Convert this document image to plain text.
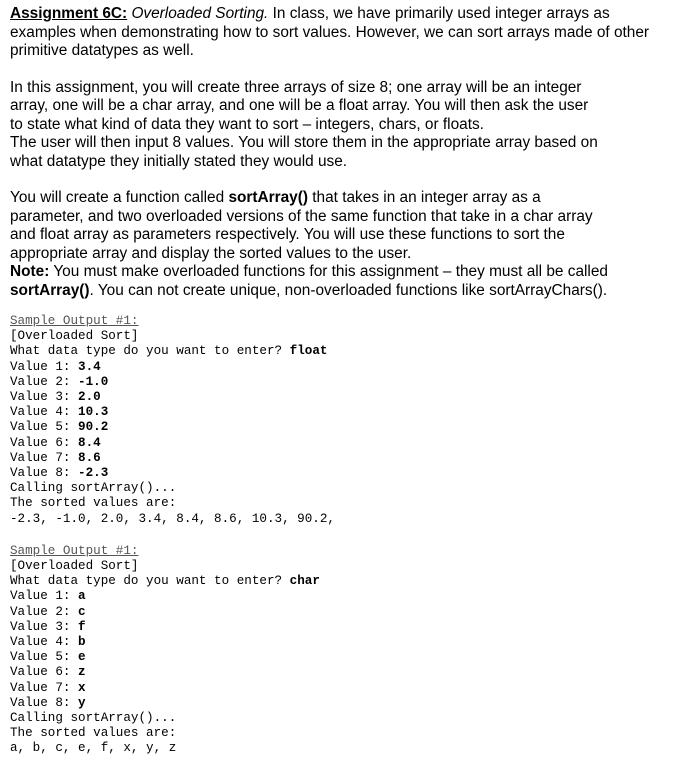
Assignment 6C: Overloaded Sorting. In class, we have primarily used integer arrays as examples when demonstrating how to sort values. However, we can sort arrays made of other primitive datatypes as well.

In this assignment, you will create three arrays of size 8; one array will be an integer
array, one will be a char array, and one will be a float array. You will then ask the user
to state what kind of data they want to sort – integers, chars, or floats.
The user will then input 8 values. You will store them in the appropriate array based on
what datatype they initially stated they would use.
You will create a function called sortArray() that takes in an integer array as a
parameter, and two overloaded versions of the same function that take in a char array
and float array as parameters respectively. You will use these functions to sort the
appropriate array and display the sorted values to the user.
Note: You must make overloaded functions for this assignment – they must all be called
sortArray(). You can not create unique, non-overloaded functions like sortArrayChars().
Sample Output #1:
[Overloaded Sort]
What data type do you want to enter? float
Value 1: 3.4
Value 2: -1.0
Value 3: 2.0
Value 4: 10.3
Value 5: 90.2
Value 6: 8.4
Value 7: 8.6
Value 8: -2.3
Calling sortArray()...
The sorted values are:
-2.3, -1.0, 2.0, 3.4, 8.4, 8.6, 10.3, 90.2,
Sample Output #1:
[Overloaded Sort]
What data type do you want to enter? char
Value 1: a
Value 2: c
Value 3: f
Value 4: b
Value 5: e
Value 6: z
Value 7: x
Value 8: y
Calling sortArray()...
The sorted values are:
a, b, c, e, f, x, y, z
